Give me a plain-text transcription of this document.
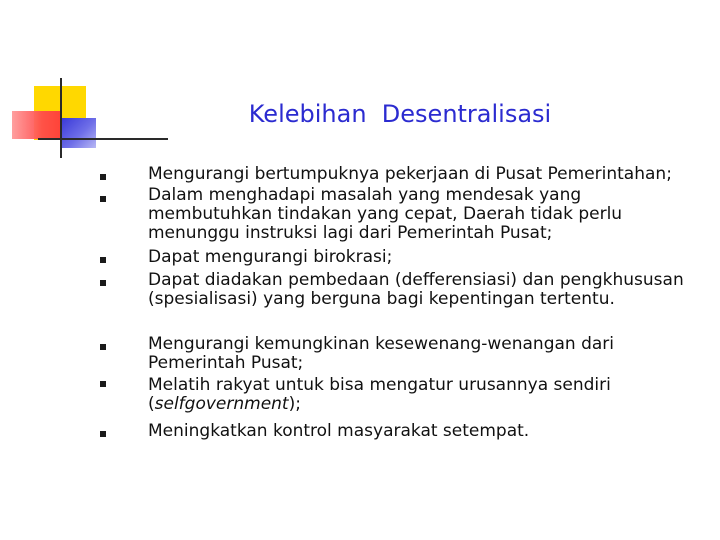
Kelebihan  Desentralisasi
Mengurangi bertumpuknya pekerjaan di Pusat Pemerintahan;
Dalam menghadapi masalah yang mendesak yang membutuhkan tindakan yang cepat, Daerah tidak perlu menunggu instruksi lagi dari Pemerintah Pusat;
Dapat mengurangi birokrasi;
Dapat diadakan pembedaan (defferensiasi) dan pengkhususan (spesialisasi) yang berguna bagi kepentingan tertentu.
Mengurangi kemungkinan kesewenang-wenangan dari Pemerintah Pusat;
Melatih rakyat untuk bisa mengatur urusannya sendiri (selfgovernment);
Meningkatkan kontrol masyarakat setempat.
